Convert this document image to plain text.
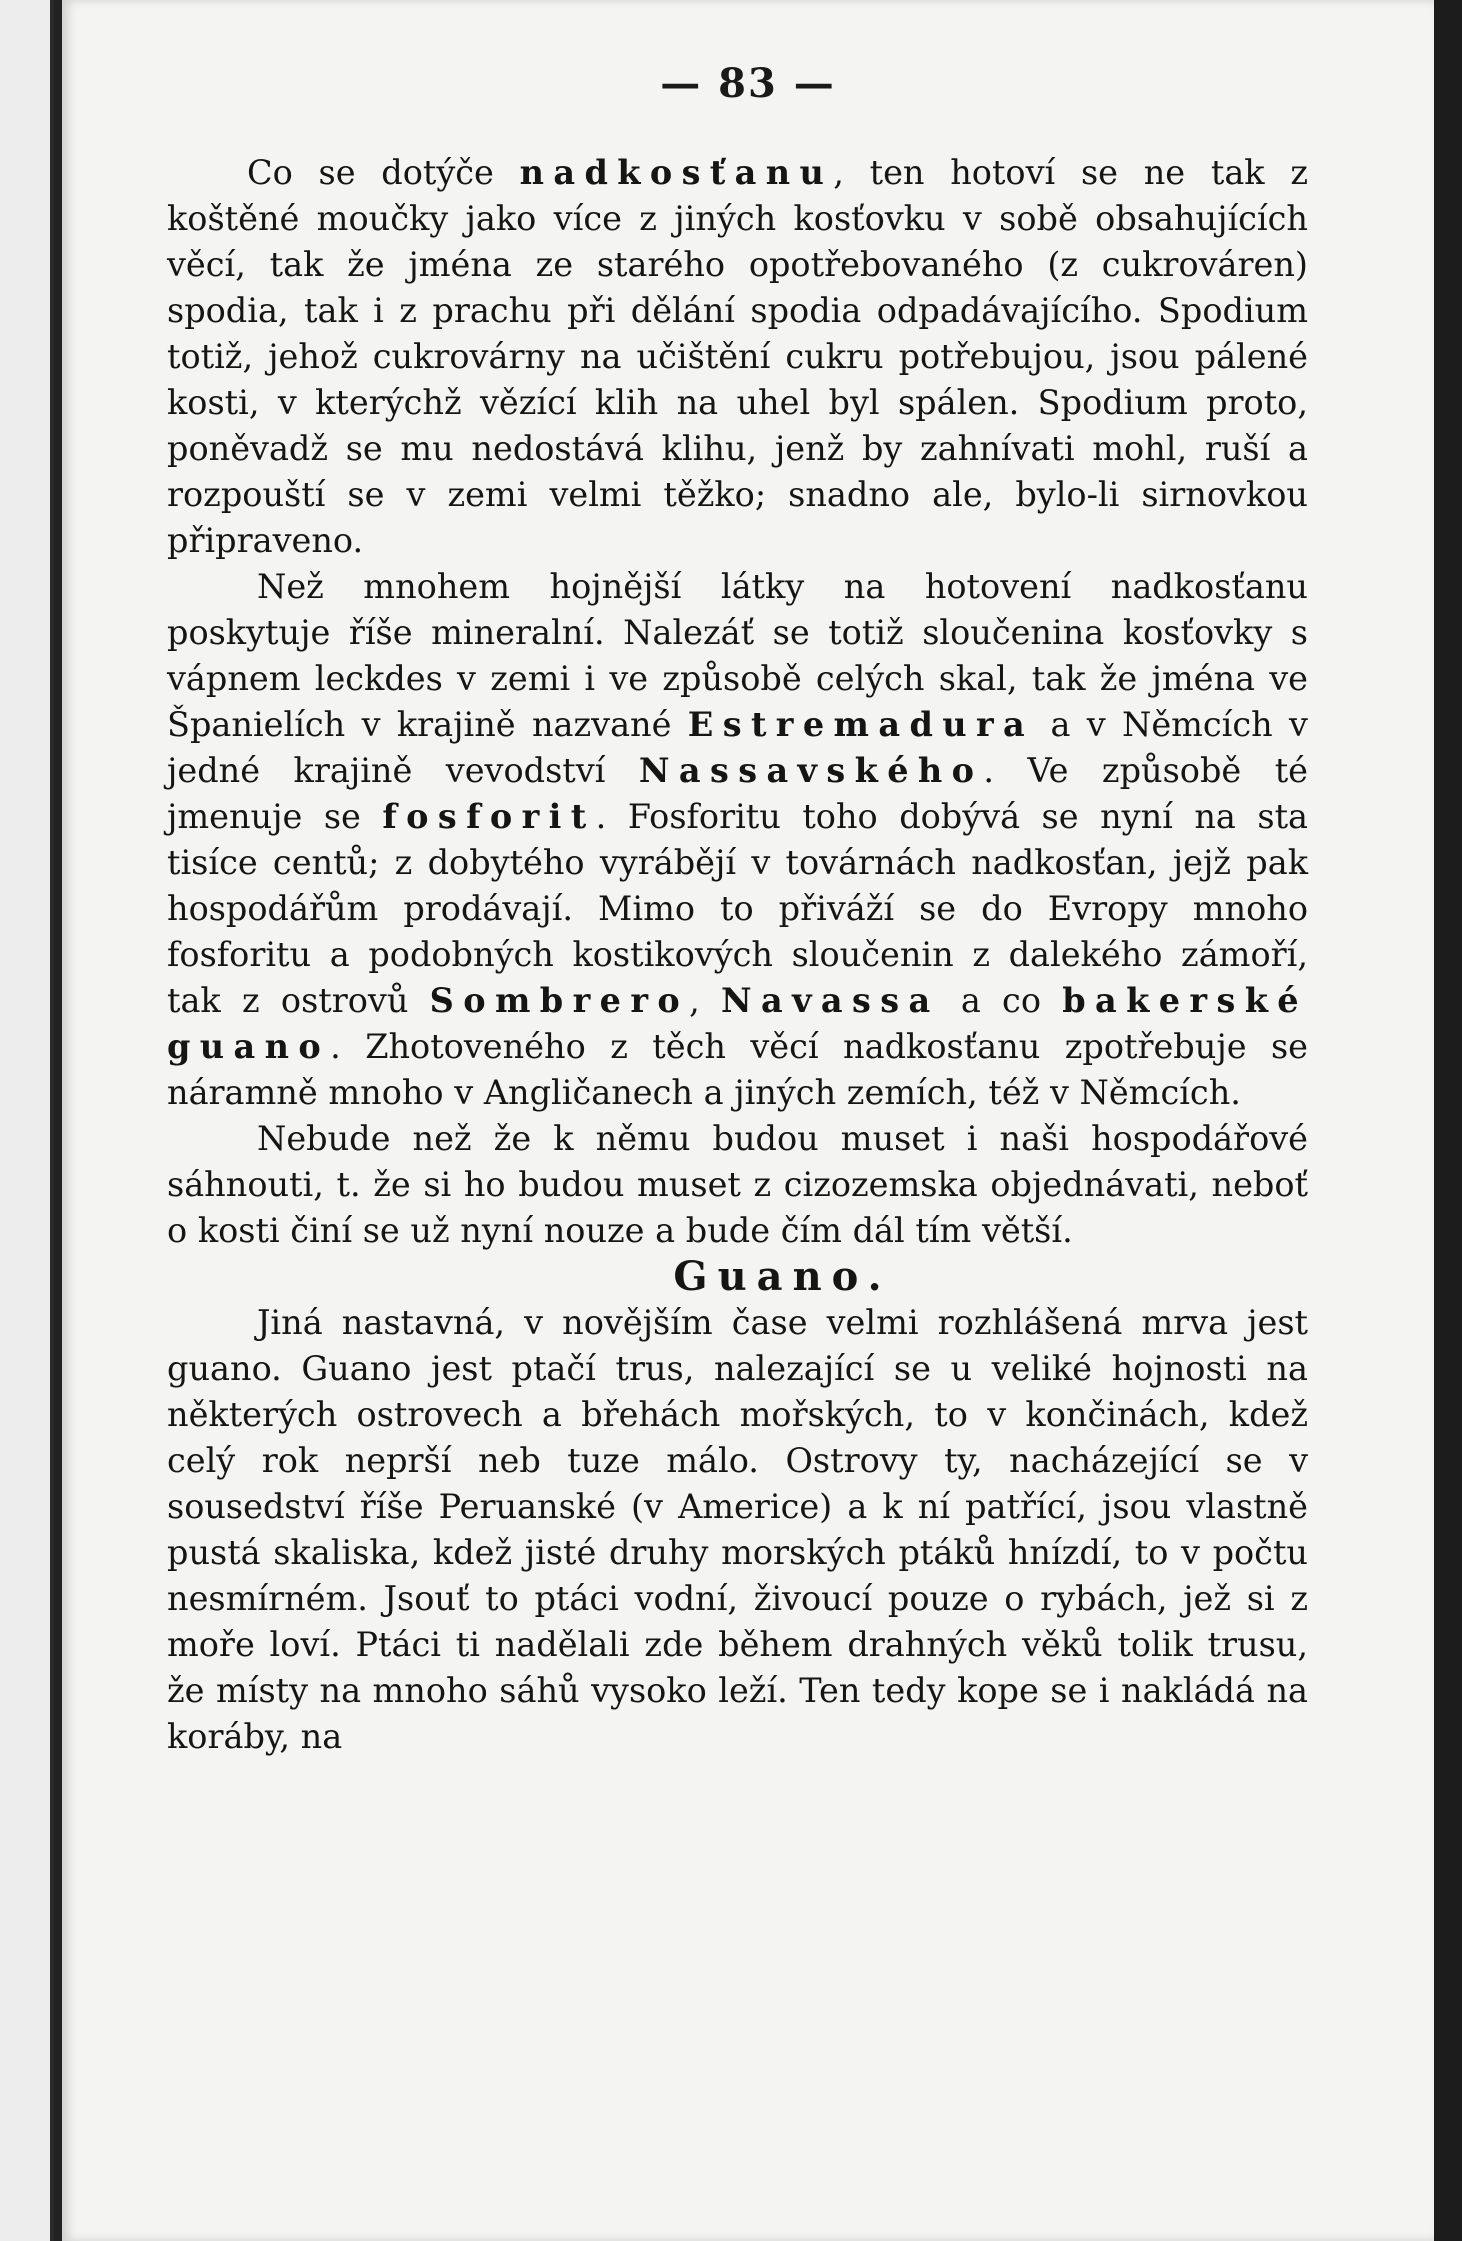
— 83 —

Co se dotýče nadkosťanu, ten hotoví se ne tak z koštěné moučky jako více z jiných kosťovku v sobě obsahujících věcí, tak že jména ze starého opotřebovaného (z cukrováren) spodia, tak i z prachu při dělání spodia odpadávajícího. Spodium totiž, jehož cukrovárny na učištění cukru potřebujou, jsou pálené kosti, v kterýchž vězící klih na uhel byl spálen. Spodium proto, poněvadž se mu nedostává klihu, jenž by zahnívati mohl, ruší a rozpouští se v zemi velmi těžko; snadno ale, bylo-li sirnovkou připraveno.

Než mnohem hojnější látky na hotovení nadkosťanu poskytuje říše mineralní. Nalezáť se totiž sloučenina kosťovky s vápnem leckdes v zemi i ve způsobě celých skal, tak že jména ve Španielích v krajině nazvané Estremadura a v Němcích v jedné krajině vevodství Nassavského. Ve způsobě té jmenuje se fosforit. Fosforitu toho dobývá se nyní na sta tisíce centů; z dobytého vyrábějí v továrnách nadkosťan, jejž pak hospodářům prodávají. Mimo to přiváží se do Evropy mnoho fosforitu a podobných kostikových sloučenin z dalekého zámoří, tak z ostrovů Sombrero, Navassa a co bakerské guano. Zhotoveného z těch věcí nadkosťanu zpotřebuje se náramně mnoho v Angličanech a jiných zemích, též v Němcích.

Nebude než že k němu budou muset i naši hospodářové sáhnouti, t. že si ho budou muset z cizozemska objednávati, neboť o kosti činí se už nyní nouze a bude čím dál tím větší.

Guano.

Jiná nastavná, v novějším čase velmi rozhlášená mrva jest guano. Guano jest ptačí trus, nalezající se u veliké hojnosti na některých ostrovech a břehách mořských, to v končinách, kdež celý rok neprší neb tuze málo. Ostrovy ty, nacházející se v sousedství říše Peruanské (v Americe) a k ní patřící, jsou vlastně pustá skaliska, kdež jisté druhy morských ptáků hnízdí, to v počtu nesmírném. Jsouť to ptáci vodní, živoucí pouze o rybách, jež si z moře loví. Ptáci ti nadělali zde během drahných věků tolik trusu, že místy na mnoho sáhů vysoko leží. Ten tedy kope se i nakládá na koráby, na
